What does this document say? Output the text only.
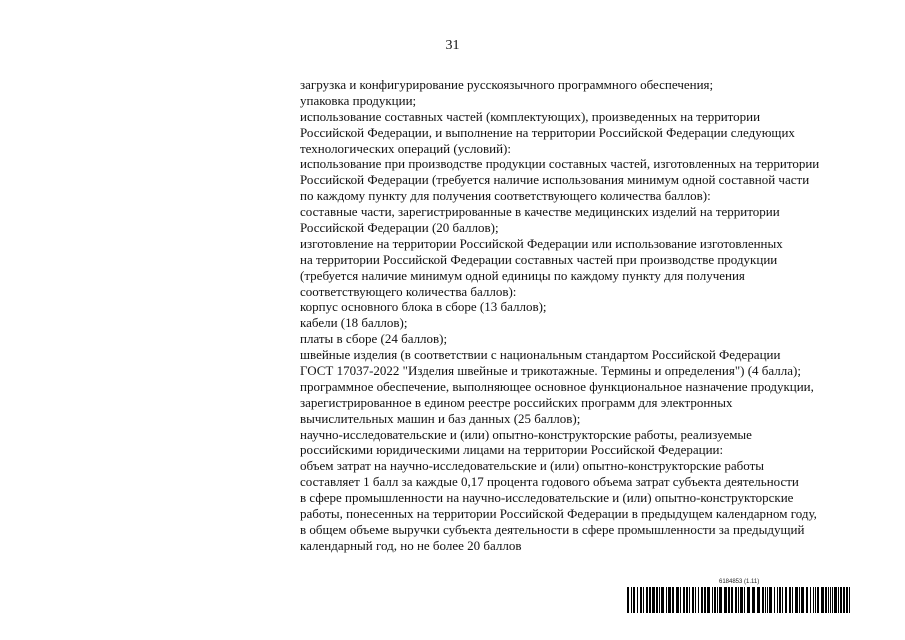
31
загрузка и конфигурирование русскоязычного программного обеспечения;
упаковка продукции;
использование составных частей (комплектующих), произведенных на территории
Российской Федерации, и выполнение на территории Российской Федерации следующих
технологических операций (условий):
использование при производстве продукции составных частей, изготовленных на территории
Российской Федерации (требуется наличие использования минимум одной составной части
по каждому пункту для получения соответствующего количества баллов):
составные части, зарегистрированные в качестве медицинских изделий на территории
Российской Федерации (20 баллов);
изготовление на территории Российской Федерации или использование изготовленных
на территории Российской Федерации составных частей при производстве продукции
(требуется наличие минимум одной единицы по каждому пункту для получения
соответствующего количества баллов):
корпус основного блока в сборе (13 баллов);
кабели (18 баллов);
платы в сборе (24 баллов);
швейные изделия (в соответствии с национальным стандартом Российской Федерации
ГОСТ 17037-2022 "Изделия швейные и трикотажные. Термины и определения") (4 балла);
программное обеспечение, выполняющее основное функциональное назначение продукции,
зарегистрированное в едином реестре российских программ для электронных
вычислительных машин и баз данных (25 баллов);
научно-исследовательские и (или) опытно-конструкторские работы, реализуемые
российскими юридическими лицами на территории Российской Федерации:
объем затрат на научно-исследовательские и (или) опытно-конструкторские работы
составляет 1 балл за каждые 0,17 процента годового объема затрат субъекта деятельности
в сфере промышленности на научно-исследовательские и (или) опытно-конструкторские
работы, понесенных на территории Российской Федерации в предыдущем календарном году,
в общем объеме выручки субъекта деятельности в сфере промышленности за предыдущий
календарный год, но не более 20 баллов
6184853 (1.11)
